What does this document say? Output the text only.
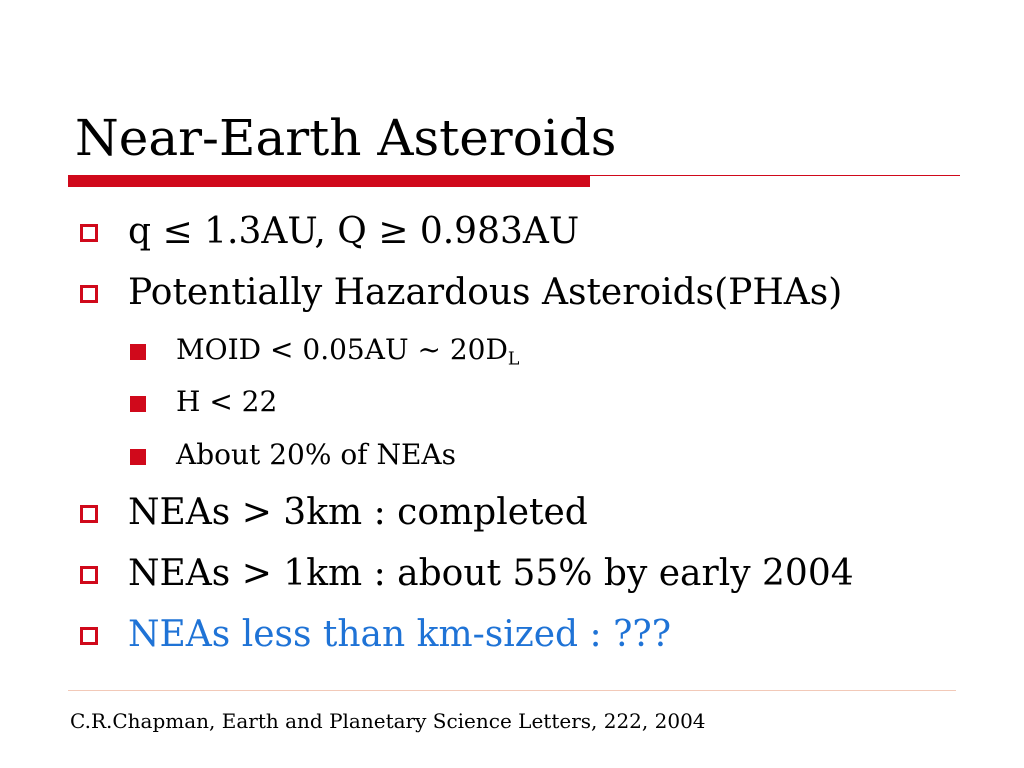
Near-Earth Asteroids
q ≤ 1.3AU, Q ≥ 0.983AU
Potentially Hazardous Asteroids(PHAs)
MOID < 0.05AU ~ $20D_L$
H < 22
About 20% of NEAs
NEAs > 3km : completed
NEAs > 1km : about 55% by early 2004
NEAs less than km-sized : ???
C.R.Chapman, Earth and Planetary Science Letters, 222, 2004
